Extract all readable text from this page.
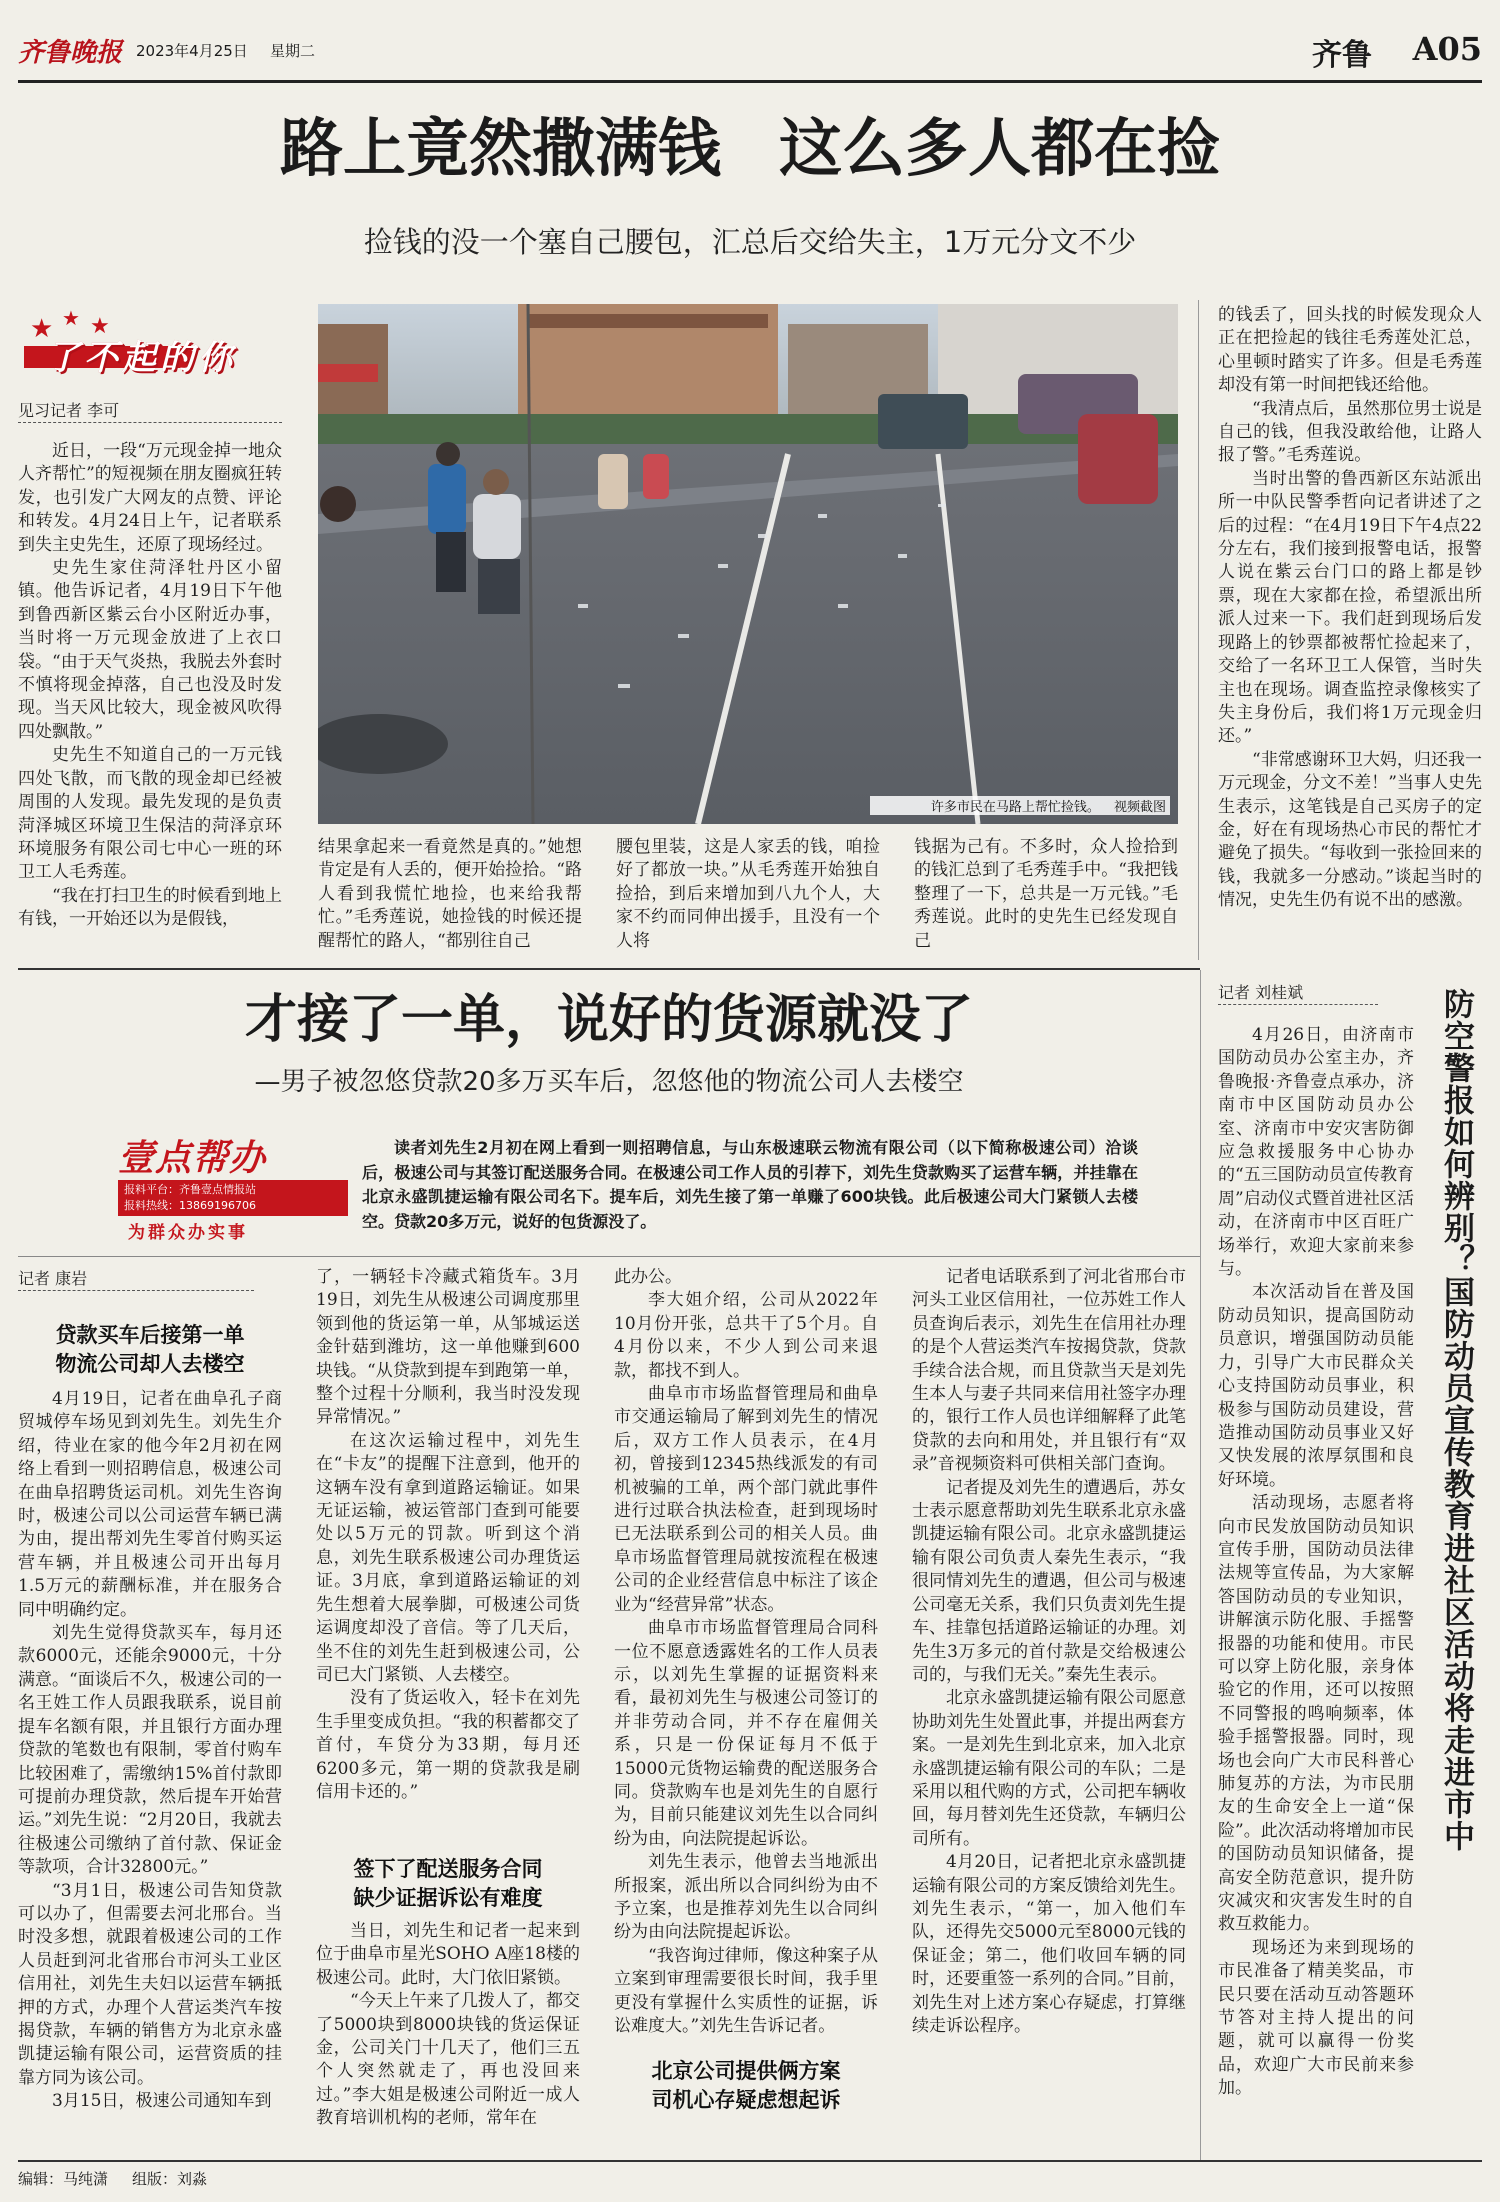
齐鲁晚报 2023年4月25日 星期二	齐鲁 A05
路上竟然撒满钱 这么多人都在捡
捡钱的没一个塞自己腰包，汇总后交给失主，1万元分文不少
★ ★ ★
了不起的你
见习记者 李可

近日，一段“万元现金掉一地众人齐帮忙”的短视频在朋友圈疯狂转发，也引发广大网友的点赞、评论和转发。4月24日上午，记者联系到失主史先生，还原了现场经过。

史先生家住菏泽牡丹区小留镇。他告诉记者，4月19日下午他到鲁西新区紫云台小区附近办事，当时将一万元现金放进了上衣口袋。“由于天气炎热，我脱去外套时不慎将现金掉落，自己也没及时发现。当天风比较大，现金被风吹得四处飘散。”

史先生不知道自己的一万元钱四处飞散，而飞散的现金却已经被周围的人发现。最先发现的是负责菏泽城区环境卫生保洁的菏泽京环环境服务有限公司七中心一班的环卫工人毛秀莲。

“我在打扫卫生的时候看到地上有钱，一开始还以为是假钱，

许多市民在马路上帮忙捡钱。 视频截图

结果拿起来一看竟然是真的。”她想肯定是有人丢的，便开始捡拾。“路人看到我慌忙地捡，也来给我帮忙。”毛秀莲说，她捡钱的时候还提醒帮忙的路人，“都别往自己

腰包里装，这是人家丢的钱，咱捡好了都放一块。”从毛秀莲开始独自捡拾，到后来增加到八九个人，大家不约而同伸出援手，且没有一个人将

钱据为己有。不多时，众人捡拾到的钱汇总到了毛秀莲手中。“我把钱整理了一下，总共是一万元钱。”毛秀莲说。此时的史先生已经发现自己

的钱丢了，回头找的时候发现众人正在把捡起的钱往毛秀莲处汇总，心里顿时踏实了许多。但是毛秀莲却没有第一时间把钱还给他。

“我清点后，虽然那位男士说是自己的钱，但我没敢给他，让路人报了警。”毛秀莲说。

当时出警的鲁西新区东站派出所一中队民警季哲向记者讲述了之后的过程：“在4月19日下午4点22分左右，我们接到报警电话，报警人说在紫云台门口的路上都是钞票，现在大家都在捡，希望派出所派人过来一下。我们赶到现场后发现路上的钞票都被帮忙捡起来了，交给了一名环卫工人保管，当时失主也在现场。调查监控录像核实了失主身份后，我们将1万元现金归还。”

“非常感谢环卫大妈，归还我一万元现金，分文不差！”当事人史先生表示，这笔钱是自己买房子的定金，好在有现场热心市民的帮忙才避免了损失。“每收到一张捡回来的钱，我就多一分感动。”谈起当时的情况，史先生仍有说不出的感激。

才接了一单，说好的货源就没了
—男子被忽悠贷款20多万买车后，忽悠他的物流公司人去楼空
壹点帮办
报料平台：齐鲁壹点情报站
报料热线：13869196706
为群众办实事
读者刘先生2月初在网上看到一则招聘信息，与山东极速联云物流有限公司（以下简称极速公司）洽谈后，极速公司与其签订配送服务合同。在极速公司工作人员的引荐下，刘先生贷款购买了运营车辆，并挂靠在北京永盛凯捷运输有限公司名下。提车后，刘先生接了第一单赚了600块钱。此后极速公司大门紧锁人去楼空。贷款20多万元，说好的包货源没了。
记者 康岩
贷款买车后接第一单
物流公司却人去楼空

4月19日，记者在曲阜孔子商贸城停车场见到刘先生。刘先生介绍，待业在家的他今年2月初在网络上看到一则招聘信息，极速公司在曲阜招聘货运司机。刘先生咨询时，极速公司以公司运营车辆已满为由，提出帮刘先生零首付购买运营车辆，并且极速公司开出每月1.5万元的薪酬标准，并在服务合同中明确约定。

刘先生觉得贷款买车，每月还款6000元，还能余9000元，十分满意。“面谈后不久，极速公司的一名王姓工作人员跟我联系，说目前提车名额有限，并且银行方面办理贷款的笔数也有限制，零首付购车比较困难了，需缴纳15%首付款即可提前办理贷款，然后提车开始营运。”刘先生说：“2月20日，我就去往极速公司缴纳了首付款、保证金等款项，合计32800元。”

“3月1日，极速公司告知贷款可以办了，但需要去河北邢台。当时没多想，就跟着极速公司的工作人员赶到河北省邢台市河头工业区信用社，刘先生夫妇以运营车辆抵押的方式，办理个人营运类汽车按揭贷款，车辆的销售方为北京永盛凯捷运输有限公司，运营资质的挂靠方同为该公司。

3月15日，极速公司通知车到

了，一辆轻卡冷藏式箱货车。3月19日，刘先生从极速公司调度那里领到他的货运第一单，从邹城运送金针菇到潍坊，这一单他赚到600块钱。“从贷款到提车到跑第一单，整个过程十分顺利，我当时没发现异常情况。”

在这次运输过程中，刘先生在“卡友”的提醒下注意到，他开的这辆车没有拿到道路运输证。如果无证运输，被运管部门查到可能要处以5万元的罚款。听到这个消息，刘先生联系极速公司办理货运证。3月底，拿到道路运输证的刘先生想着大展拳脚，可极速公司货运调度却没了音信。等了几天后，坐不住的刘先生赶到极速公司，公司已大门紧锁、人去楼空。

没有了货运收入，轻卡在刘先生手里变成负担。“我的积蓄都交了首付，车贷分为33期，每月还6200多元，第一期的贷款我是刷信用卡还的。”

签下了配送服务合同
缺少证据诉讼有难度

当日，刘先生和记者一起来到位于曲阜市星光SOHO A座18楼的极速公司。此时，大门依旧紧锁。

“今天上午来了几拨人了，都交了5000块到8000块钱的货运保证金，公司关门十几天了，他们三五个人突然就走了，再也没回来过。”李大姐是极速公司附近一成人教育培训机构的老师，常年在

此办公。

李大姐介绍，公司从2022年10月份开张，总共干了5个月。自4月份以来，不少人到公司来退款，都找不到人。

曲阜市市场监督管理局和曲阜市交通运输局了解到刘先生的情况后，双方工作人员表示，在4月初，曾接到12345热线派发的有司机被骗的工单，两个部门就此事件进行过联合执法检查，赶到现场时已无法联系到公司的相关人员。曲阜市场监督管理局就按流程在极速公司的企业经营信息中标注了该企业为“经营异常”状态。

曲阜市市场监督管理局合同科一位不愿意透露姓名的工作人员表示，以刘先生掌握的证据资料来看，最初刘先生与极速公司签订的并非劳动合同，并不存在雇佣关系，只是一份保证每月不低于15000元货物运输费的配送服务合同。贷款购车也是刘先生的自愿行为，目前只能建议刘先生以合同纠纷为由，向法院提起诉讼。

刘先生表示，他曾去当地派出所报案，派出所以合同纠纷为由不予立案，也是推荐刘先生以合同纠纷为由向法院提起诉讼。

“我咨询过律师，像这种案子从立案到审理需要很长时间，我手里更没有掌握什么实质性的证据，诉讼难度大。”刘先生告诉记者。

北京公司提供俩方案
司机心存疑虑想起诉

记者电话联系到了河北省邢台市河头工业区信用社，一位苏姓工作人员查询后表示，刘先生在信用社办理的是个人营运类汽车按揭贷款，贷款手续合法合规，而且贷款当天是刘先生本人与妻子共同来信用社签字办理的，银行工作人员也详细解释了此笔贷款的去向和用处，并且银行有“双录”音视频资料可供相关部门查询。

记者提及刘先生的遭遇后，苏女士表示愿意帮助刘先生联系北京永盛凯捷运输有限公司。北京永盛凯捷运输有限公司负责人秦先生表示，“我很同情刘先生的遭遇，但公司与极速公司毫无关系，我们只负责刘先生提车、挂靠包括道路运输证的办理。刘先生3万多元的首付款是交给极速公司的，与我们无关。”秦先生表示。

北京永盛凯捷运输有限公司愿意协助刘先生处置此事，并提出两套方案。一是刘先生到北京来，加入北京永盛凯捷运输有限公司的车队；二是采用以租代购的方式，公司把车辆收回，每月替刘先生还贷款，车辆归公司所有。

4月20日，记者把北京永盛凯捷运输有限公司的方案反馈给刘先生。刘先生表示，“第一，加入他们车队，还得先交5000元至8000元钱的保证金；第二，他们收回车辆的同时，还要重签一系列的合同。”目前，刘先生对上述方案心存疑虑，打算继续走诉讼程序。

记者 刘桂斌	防空警报如何辨别？国防动员宣传教育进社区活动将走进市中

4月26日，由济南市国防动员办公室主办，齐鲁晚报·齐鲁壹点承办，济南市中区国防动员办公室、济南市中安灾害防御应急救援服务中心协办的“五三国防动员宣传教育周”启动仪式暨首进社区活动，在济南市中区百旺广场举行，欢迎大家前来参与。

本次活动旨在普及国防动员知识，提高国防动员意识，增强国防动员能力，引导广大市民群众关心支持国防动员事业，积极参与国防动员建设，营造推动国防动员事业又好又快发展的浓厚氛围和良好环境。

活动现场，志愿者将向市民发放国防动员知识宣传手册，国防动员法律法规等宣传品，为大家解答国防动员的专业知识，讲解演示防化服、手摇警报器的功能和使用。市民可以穿上防化服，亲身体验它的作用，还可以按照不同警报的鸣响频率，体验手摇警报器。同时，现场也会向广大市民科普心肺复苏的方法，为市民朋友的生命安全上一道“保险”。此次活动将增加市民的国防动员知识储备，提高安全防范意识，提升防灾减灾和灾害发生时的自救互救能力。

现场还为来到现场的市民准备了精美奖品，市民只要在活动互动答题环节答对主持人提出的问题，就可以赢得一份奖品，欢迎广大市民前来参加。

编辑：马纯潇 组版：刘淼
